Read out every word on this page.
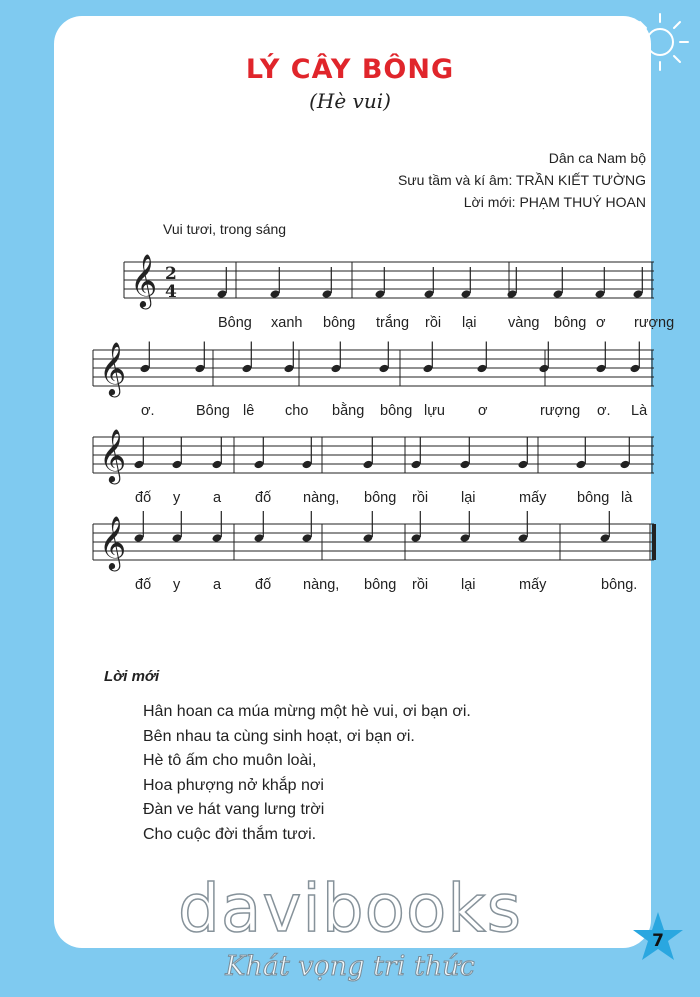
LÝ CÂY BÔNG
(Hè vui)
Dân ca Nam bộ
Sưu tầm và kí âm: TRẦN KIẾT TƯỜNG
Lời mới: PHẠM THUÝ HOAN
Vui tươi, trong sáng
𝄞 2
4
Bông xanh bông trắng rồi lại vàng bông ơ rượng
𝄞
ơ.	Bông lê cho bằng bông lựu ơ	rượng ơ. Là
𝄞
đố y a đố nàng, bông rồi lại	mấy bông là
𝄞
đố y a đố nàng, bông rồi lại	mấy	bông.
Lời mới
Hân hoan ca múa mừng một hè vui, ơi bạn ơi.
Bên nhau ta cùng sinh hoạt, ơi bạn ơi.
Hè tô ấm cho muôn loài,
Hoa phượng nở khắp nơi
Đàn ve hát vang lưng trời
Cho cuộc đời thắm tươi.
davibooks
Khát vọng tri thức
7
